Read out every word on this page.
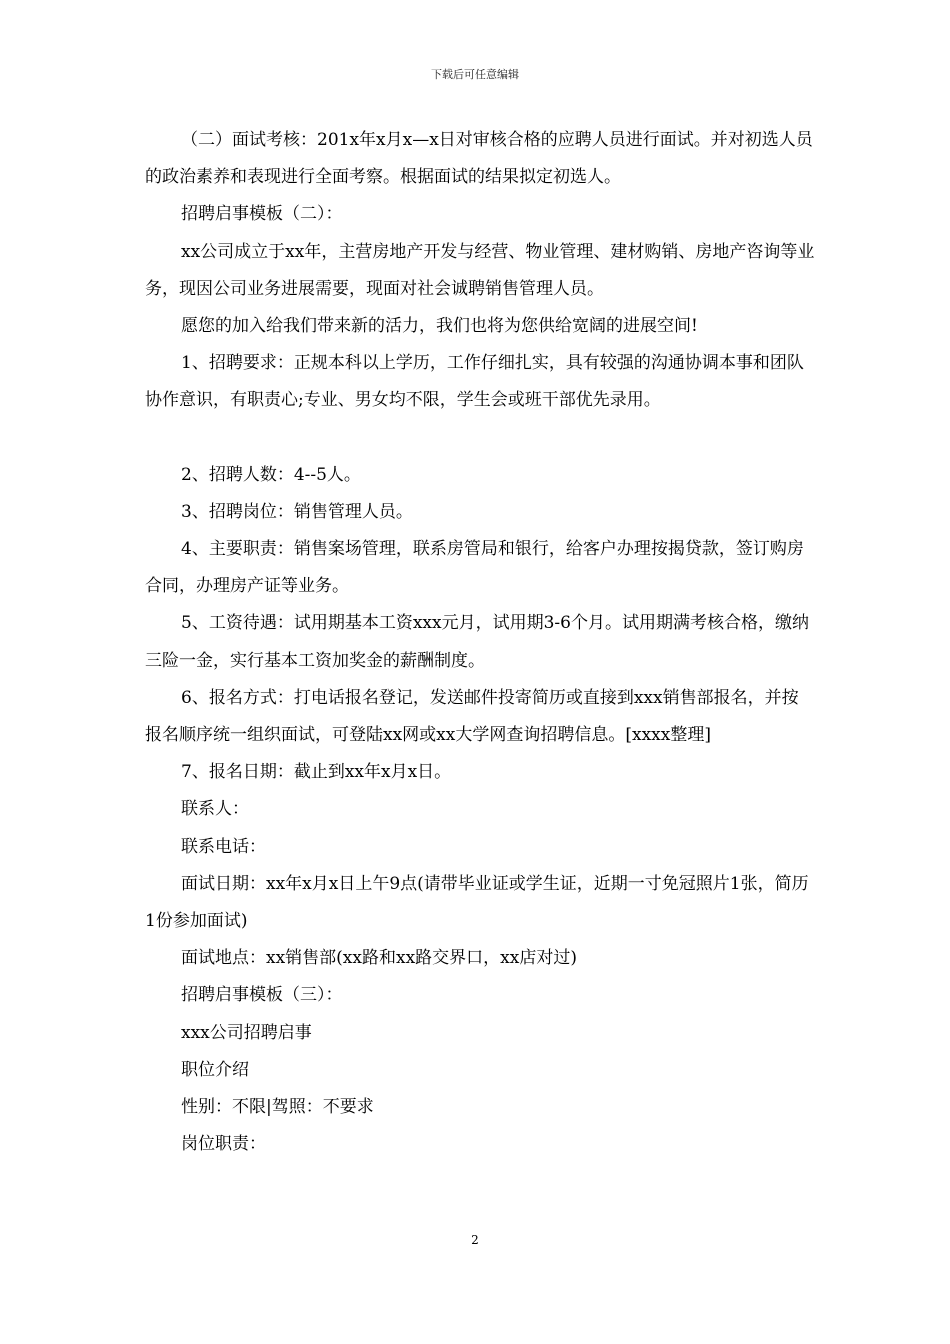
下载后可任意编辑

（二）面试考核：201x年x月x—x日对审核合格的应聘人员进行面试。并对初选人员的政治素养和表现进行全面考察。根据面试的结果拟定初选人。

招聘启事模板（二）：

xx公司成立于xx年，主营房地产开发与经营、物业管理、建材购销、房地产咨询等业务，现因公司业务进展需要，现面对社会诚聘销售管理人员。

愿您的加入给我们带来新的活力，我们也将为您供给宽阔的进展空间!

1、招聘要求：正规本科以上学历，工作仔细扎实，具有较强的沟通协调本事和团队协作意识，有职责心;专业、男女均不限，学生会或班干部优先录用。

2、招聘人数：4--5人。

3、招聘岗位：销售管理人员。

4、主要职责：销售案场管理，联系房管局和银行，给客户办理按揭贷款，签订购房合同，办理房产证等业务。

5、工资待遇：试用期基本工资xxx元月，试用期3-6个月。试用期满考核合格，缴纳三险一金，实行基本工资加奖金的薪酬制度。

6、报名方式：打电话报名登记，发送邮件投寄简历或直接到xxx销售部报名，并按报名顺序统一组织面试，可登陆xx网或xx大学网查询招聘信息。[xxxx整理]

7、报名日期：截止到xx年x月x日。

联系人：

联系电话：

面试日期：xx年x月x日上午9点(请带毕业证或学生证，近期一寸免冠照片1张，简历1份参加面试)

面试地点：xx销售部(xx路和xx路交界口，xx店对过)

招聘启事模板（三）：

xxx公司招聘启事

职位介绍

性别：不限|驾照：不要求

岗位职责：

2
